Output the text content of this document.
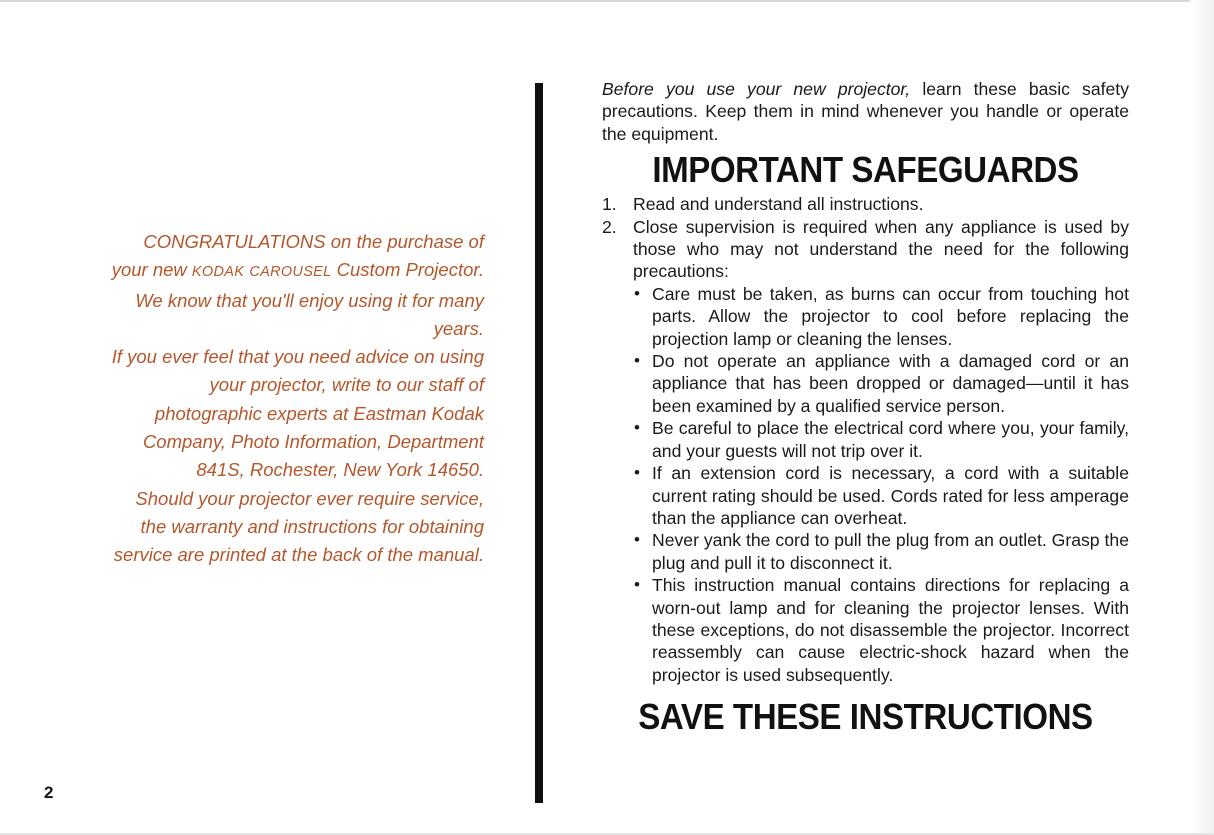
CONGRATULATIONS on the purchase of your new KODAK CAROUSEL Custom Projector. We know that you'll enjoy using it for many years.

If you ever feel that you need advice on using your projector, write to our staff of photographic experts at Eastman Kodak Company, Photo Information, Department 841S, Rochester, New York 14650.

Should your projector ever require service, the warranty and instructions for obtaining service are printed at the back of the manual.

2

Before you use your new projector, learn these basic safety precautions. Keep them in mind whenever you handle or operate the equipment.

IMPORTANT SAFEGUARDS
1. Read and understand all instructions.
2. Close supervision is required when any appliance is used by those who may not understand the need for the following precautions:
• Care must be taken, as burns can occur from touching hot parts. Allow the projector to cool before replacing the projection lamp or cleaning the lenses.
• Do not operate an appliance with a damaged cord or an appliance that has been dropped or damaged—until it has been examined by a qualified service person.
• Be careful to place the electrical cord where you, your family, and your guests will not trip over it.
• If an extension cord is necessary, a cord with a suitable current rating should be used. Cords rated for less amperage than the appliance can overheat.
• Never yank the cord to pull the plug from an outlet. Grasp the plug and pull it to disconnect it.
• This instruction manual contains directions for replacing a worn-out lamp and for cleaning the projector lenses. With these exceptions, do not disassemble the projector. Incorrect reassembly can cause electric-shock hazard when the projector is used subsequently.
SAVE THESE INSTRUCTIONS
